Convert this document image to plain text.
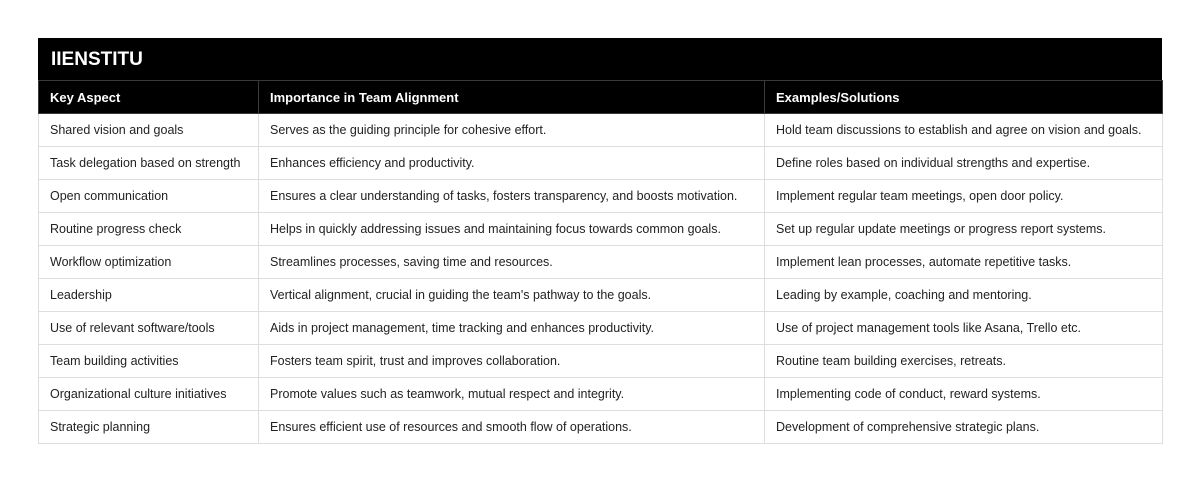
IIENSTITU
Key Aspect	Importance in Team Alignment	Examples/Solutions
Shared vision and goals	Serves as the guiding principle for cohesive effort.	Hold team discussions to establish and agree on vision and goals.
Task delegation based on strength	Enhances efficiency and productivity.	Define roles based on individual strengths and expertise.
Open communication	Ensures a clear understanding of tasks, fosters transparency, and boosts motivation.	Implement regular team meetings, open door policy.
Routine progress check	Helps in quickly addressing issues and maintaining focus towards common goals.	Set up regular update meetings or progress report systems.
Workflow optimization	Streamlines processes, saving time and resources.	Implement lean processes, automate repetitive tasks.
Leadership	Vertical alignment, crucial in guiding the team's pathway to the goals.	Leading by example, coaching and mentoring.
Use of relevant software/tools	Aids in project management, time tracking and enhances productivity.	Use of project management tools like Asana, Trello etc.
Team building activities	Fosters team spirit, trust and improves collaboration.	Routine team building exercises, retreats.
Organizational culture initiatives	Promote values such as teamwork, mutual respect and integrity.	Implementing code of conduct, reward systems.
Strategic planning	Ensures efficient use of resources and smooth flow of operations.	Development of comprehensive strategic plans.
